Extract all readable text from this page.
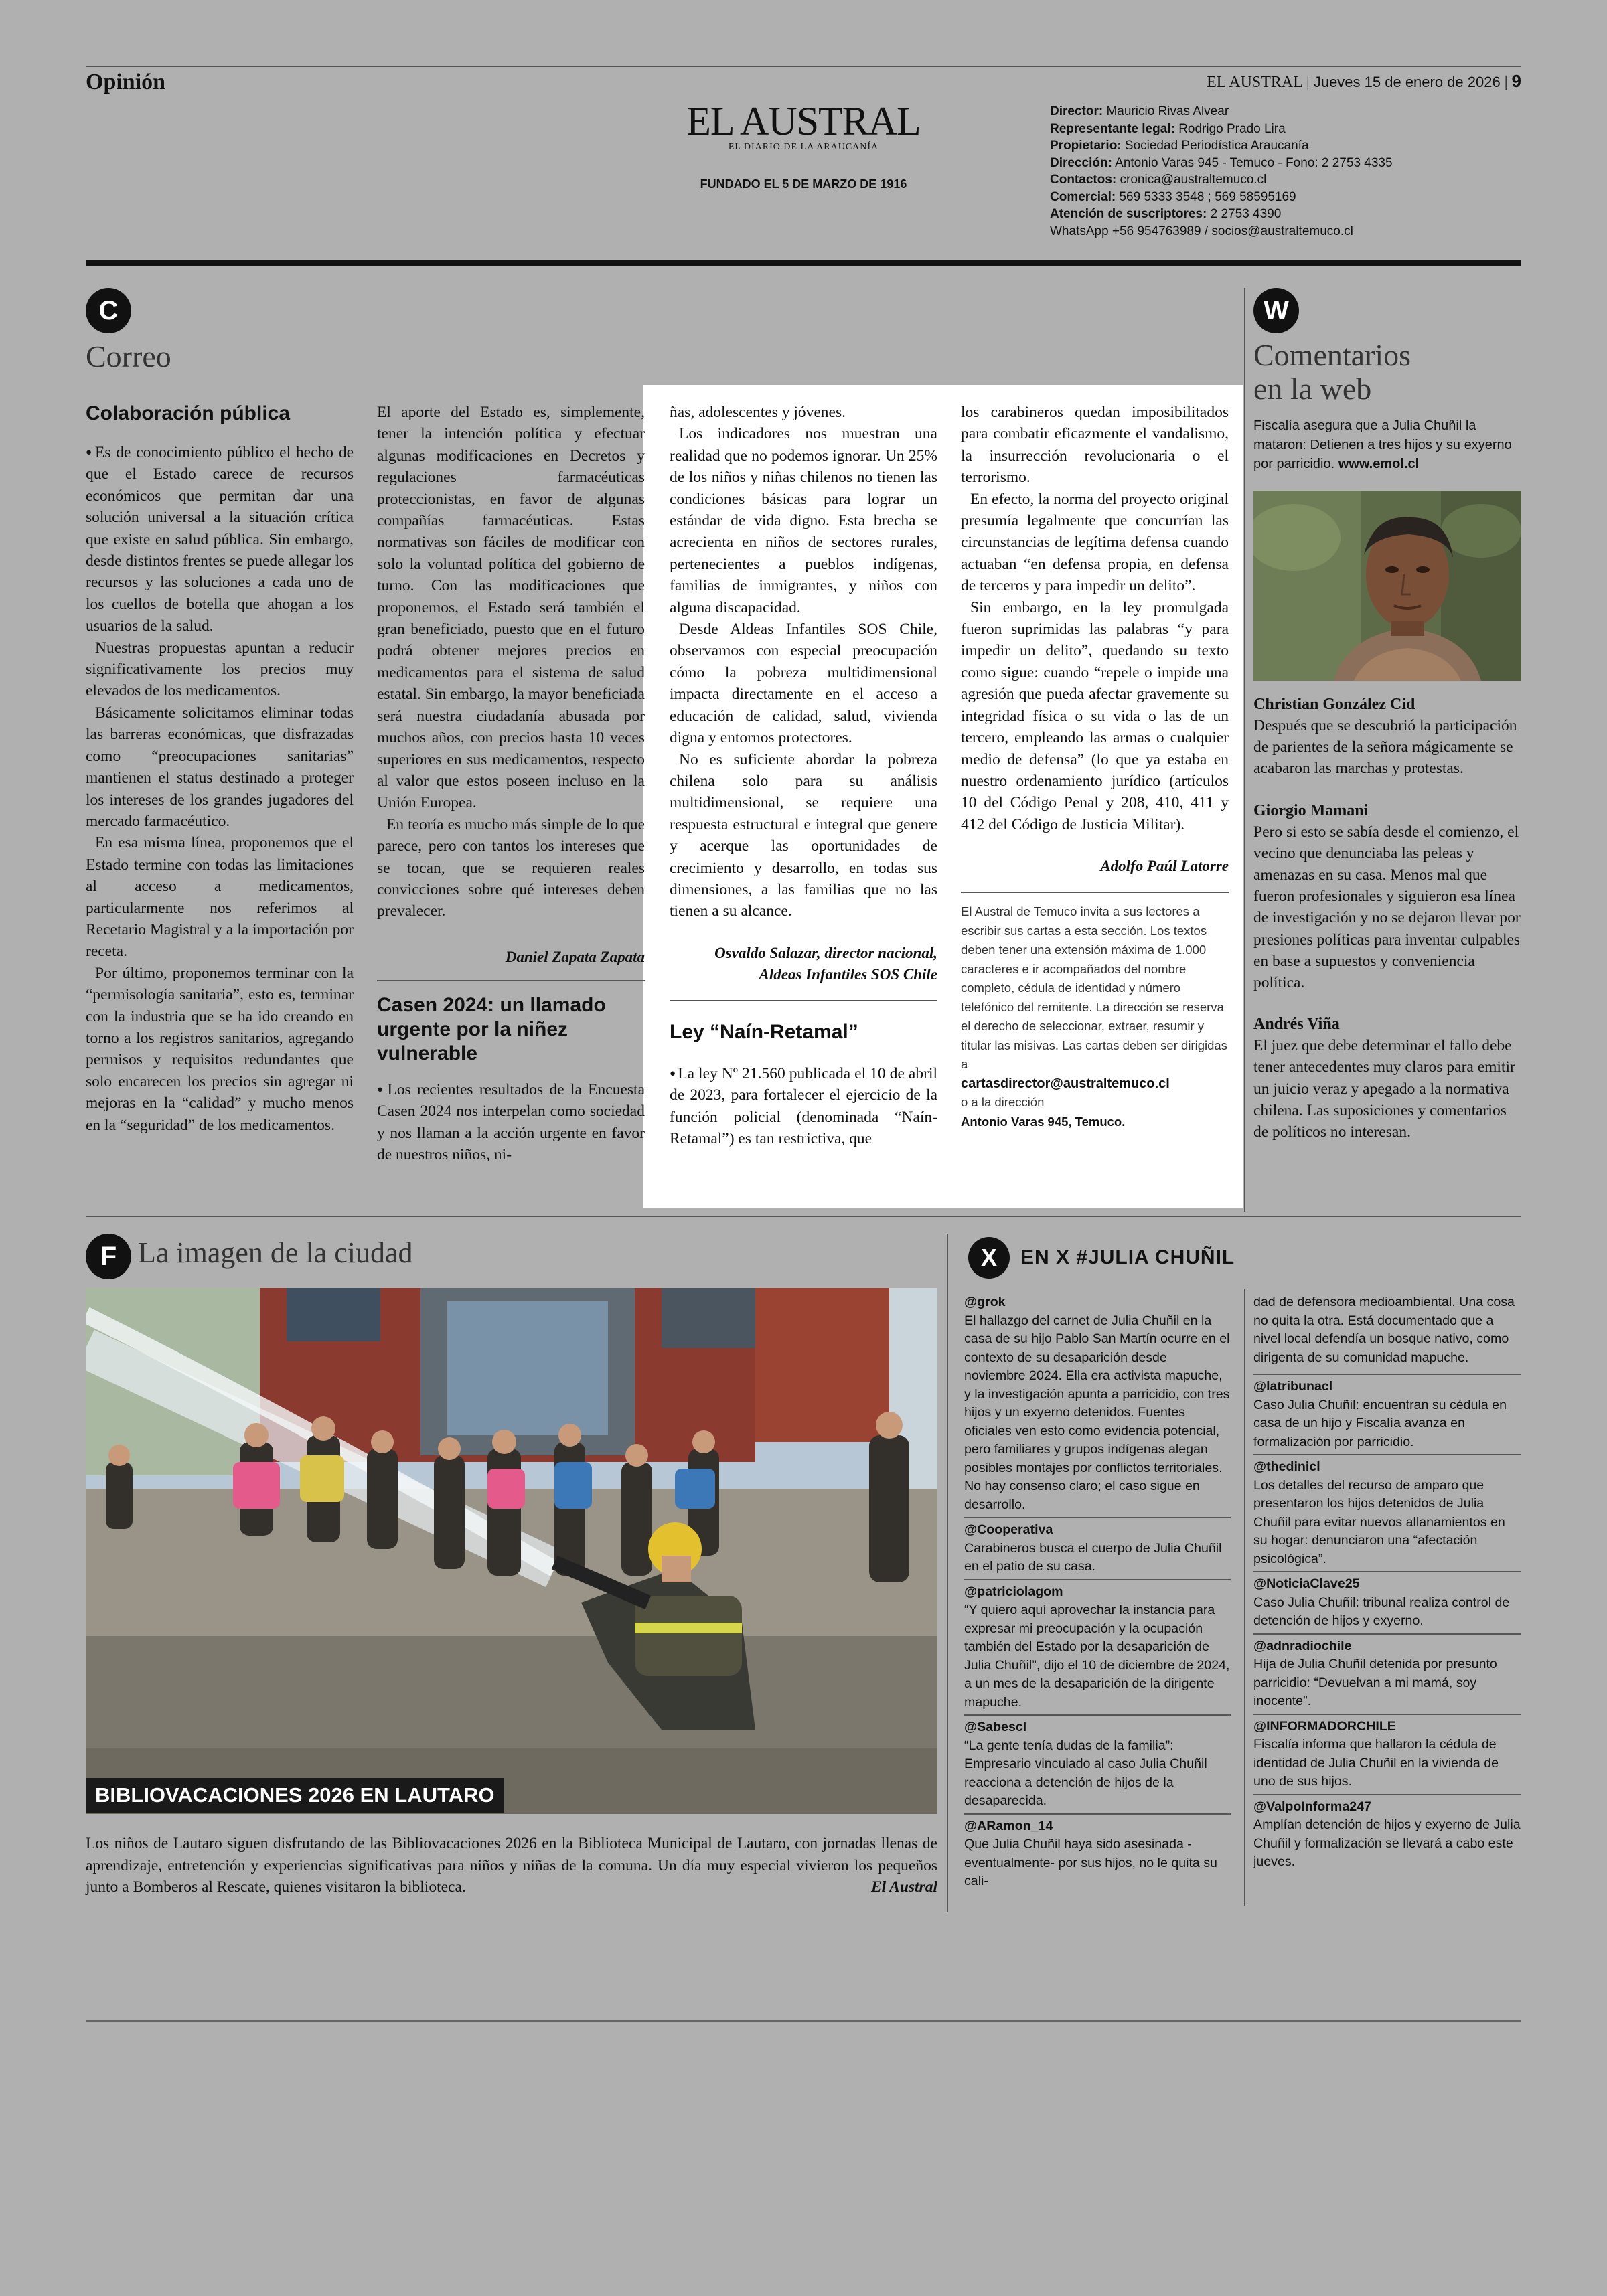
Opinión	EL AUSTRAL | Jueves 15 de enero de 2026 | 9
EL AUSTRAL
EL DIARIO DE LA ARAUCANÍA
FUNDADO EL 5 DE MARZO DE 1916
Director: Mauricio Rivas Alvear
Representante legal: Rodrigo Prado Lira
Propietario: Sociedad Periodística Araucanía
Dirección: Antonio Varas 945 - Temuco - Fono: 2 2753 4335
Contactos: cronica@australtemuco.cl
Comercial: 569 5333 3548 ; 569 58595169
Atención de suscriptores: 2 2753 4390
WhatsApp +56 954763989 / socios@australtemuco.cl
C
Correo
Colaboración pública

● Es de conocimiento público el hecho de que el Estado carece de recursos económicos que permitan dar una solución universal a la situación crítica que existe en salud pública. Sin embargo, desde distintos frentes se puede allegar los recursos y las soluciones a cada uno de los cuellos de botella que ahogan a los usuarios de la salud.

Nuestras propuestas apuntan a reducir significativamente los precios muy elevados de los medicamentos.

Básicamente solicitamos eliminar todas las barreras económicas, que disfrazadas como “preocupaciones sanitarias” mantienen el status destinado a proteger los intereses de los grandes jugadores del mercado farmacéutico.

En esa misma línea, proponemos que el Estado termine con todas las limitaciones al acceso a medicamentos, particularmente nos referimos al Recetario Magistral y a la importación por receta.

Por último, proponemos terminar con la “permisología sanitaria”, esto es, terminar con la industria que se ha ido creando en torno a los registros sanitarios, agregando permisos y requisitos redundantes que solo encarecen los precios sin agregar ni mejoras en la “calidad” y mucho menos en la “seguridad” de los medicamentos.

El aporte del Estado es, simplemente, tener la intención política y efectuar algunas modificaciones en Decretos y regulaciones farmacéuticas proteccionistas, en favor de algunas compañías farmacéuticas. Estas normativas son fáciles de modificar con solo la voluntad política del gobierno de turno. Con las modificaciones que proponemos, el Estado será también el gran beneficiado, puesto que en el futuro podrá obtener mejores precios en medicamentos para el sistema de salud estatal. Sin embargo, la mayor beneficiada será nuestra ciudadanía abusada por muchos años, con precios hasta 10 veces superiores en sus medicamentos, respecto al valor que estos poseen incluso en la Unión Europea.

En teoría es mucho más simple de lo que parece, pero con tantos los intereses que se tocan, que se requieren reales convicciones sobre qué intereses deben prevalecer.

Daniel Zapata Zapata
Casen 2024: un llamado urgente por la niñez vulnerable

● Los recientes resultados de la Encuesta Casen 2024 nos interpelan como sociedad y nos llaman a la acción urgente en favor de nuestros niños, ni-

ñas, adolescentes y jóvenes.

Los indicadores nos muestran una realidad que no podemos ignorar. Un 25% de los niños y niñas chilenos no tienen las condiciones básicas para lograr un estándar de vida digno. Esta brecha se acrecienta en niños de sectores rurales, pertenecientes a pueblos indígenas, familias de inmigrantes, y niños con alguna discapacidad.

Desde Aldeas Infantiles SOS Chile, observamos con especial preocupación cómo la pobreza multidimensional impacta directamente en el acceso a educación de calidad, salud, vivienda digna y entornos protectores.

No es suficiente abordar la pobreza chilena solo para su análisis multidimensional, se requiere una respuesta estructural e integral que genere y acerque las oportunidades de crecimiento y desarrollo, en todas sus dimensiones, a las familias que no las tienen a su alcance.

Osvaldo Salazar, director nacional,
Aldeas Infantiles SOS Chile
Ley “Naín-Retamal”

● La ley Nº 21.560 publicada el 10 de abril de 2023, para fortalecer el ejercicio de la función policial (denominada “Naín-Retamal”) es tan restrictiva, que

los carabineros quedan imposibilitados para combatir eficazmente el vandalismo, la insurrección revolucionaria o el terrorismo.

En efecto, la norma del proyecto original presumía legalmente que concurrían las circunstancias de legítima defensa cuando actuaban “en defensa propia, en defensa de terceros y para impedir un delito”.

Sin embargo, en la ley promulgada fueron suprimidas las palabras “y para impedir un delito”, quedando su texto como sigue: cuando “repele o impide una agresión que pueda afectar gravemente su integridad física o su vida o las de un tercero, empleando las armas o cualquier medio de defensa” (lo que ya estaba en nuestro ordenamiento jurídico (artículos 10 del Código Penal y 208, 410, 411 y 412 del Código de Justicia Militar).

Adolfo Paúl Latorre
El Austral de Temuco invita a sus lectores a escribir sus cartas a esta sección. Los textos deben tener una extensión máxima de 1.000 caracteres e ir acompañados del nombre completo, cédula de identidad y número telefónico del remitente. La dirección se reserva el derecho de seleccionar, extraer, resumir y titular las misivas. Las cartas deben ser dirigidas a
cartasdirector@australtemuco.cl
o a la dirección
Antonio Varas 945, Temuco.
W
Comentarios
en la web
Fiscalía asegura que a Julia Chuñil la mataron: Detienen a tres hijos y su exyerno por parricidio. www.emol.cl
Christian González Cid
Después que se descubrió la participación de parientes de la señora mágicamente se acabaron las marchas y protestas.
Giorgio Mamani
Pero si esto se sabía desde el comienzo, el vecino que denunciaba las peleas y amenazas en su casa. Menos mal que fueron profesionales y siguieron esa línea de investigación y no se dejaron llevar por presiones políticas para inventar culpables en base a supuestos y conveniencia política.
Andrés Viña
El juez que debe determinar el fallo debe tener antecedentes muy claros para emitir un juicio veraz y apegado a la normativa chilena. Las suposiciones y comentarios de políticos no interesan.
F La imagen de la ciudad
BIBLIOVACACIONES 2026 EN LAUTARO
Los niños de Lautaro siguen disfrutando de las Bibliovacaciones 2026 en la Biblioteca Municipal de Lautaro, con jornadas llenas de aprendizaje, entretención y experiencias significativas para niños y niñas de la comuna. Un día muy especial vivieron los pequeños junto a Bomberos al Rescate, quienes visitaron la biblioteca.	El Austral
X	EN X #JULIA CHUÑIL
@grok
El hallazgo del carnet de Julia Chuñil en la casa de su hijo Pablo San Martín ocurre en el contexto de su desaparición desde noviembre 2024. Ella era activista mapuche, y la investigación apunta a parricidio, con tres hijos y un exyerno detenidos. Fuentes oficiales ven esto como evidencia potencial, pero familiares y grupos indígenas alegan posibles montajes por conflictos territoriales. No hay consenso claro; el caso sigue en desarrollo.
@Cooperativa
Carabineros busca el cuerpo de Julia Chuñil en el patio de su casa.
@patriciolagom
“Y quiero aquí aprovechar la instancia para expresar mi preocupación y la ocupación también del Estado por la desaparición de Julia Chuñil”, dijo el 10 de diciembre de 2024, a un mes de la desaparición de la dirigente mapuche.
@Sabescl
“La gente tenía dudas de la familia”: Empresario vinculado al caso Julia Chuñil reacciona a detención de hijos de la desaparecida.
@ARamon_14
Que Julia Chuñil haya sido asesinada -eventualmente- por sus hijos, no le quita su cali-
dad de defensora medioambiental. Una cosa no quita la otra. Está documentado que a nivel local defendía un bosque nativo, como dirigenta de su comunidad mapuche.
@latribunacl
Caso Julia Chuñil: encuentran su cédula en casa de un hijo y Fiscalía avanza en formalización por parricidio.
@thedinicl
Los detalles del recurso de amparo que presentaron los hijos detenidos de Julia Chuñil para evitar nuevos allanamientos en su hogar: denunciaron una “afectación psicológica”.
@NoticiaClave25
Caso Julia Chuñil: tribunal realiza control de detención de hijos y exyerno.
@adnradiochile
Hija de Julia Chuñil detenida por presunto parricidio: “Devuelvan a mi mamá, soy inocente”.
@INFORMADORCHILE
Fiscalía informa que hallaron la cédula de identidad de Julia Chuñil en la vivienda de uno de sus hijos.
@ValpoInforma247
Amplían detención de hijos y exyerno de Julia Chuñil y formalización se llevará a cabo este jueves.
